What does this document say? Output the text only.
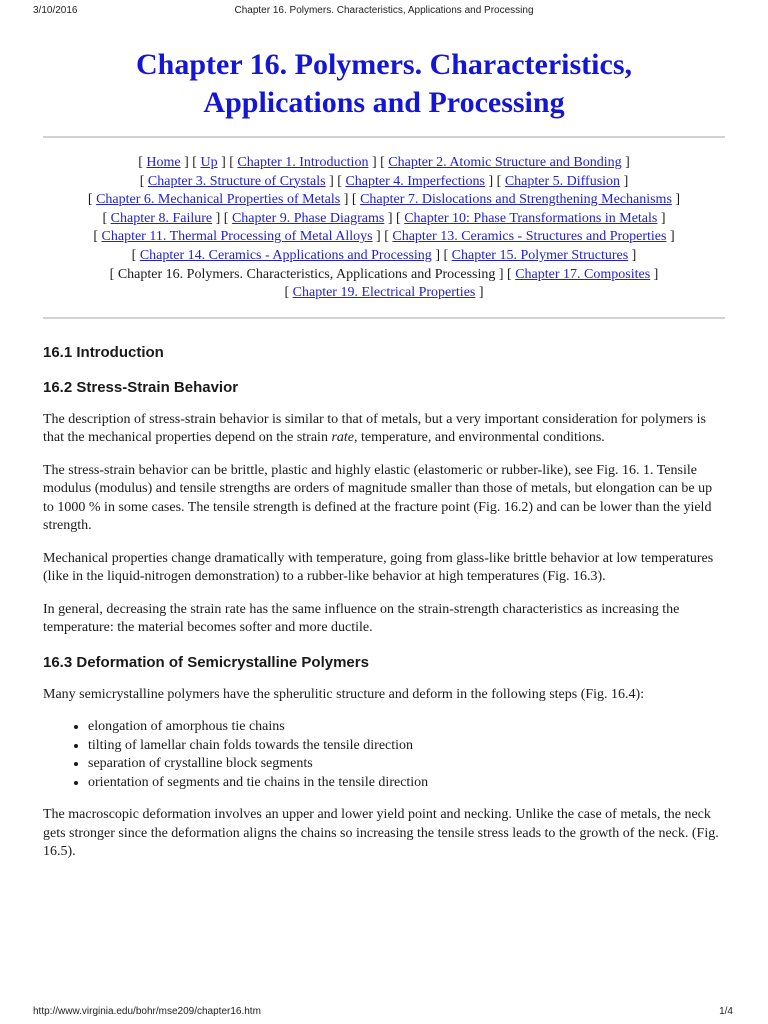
3/10/2016	Chapter 16. Polymers. Characteristics, Applications and Processing
Chapter 16. Polymers. Characteristics,
Applications and Processing
[ Home ] [ Up ] [ Chapter 1. Introduction ] [ Chapter 2. Atomic Structure and Bonding ]
[ Chapter 3. Structure of Crystals ] [ Chapter 4. Imperfections ] [ Chapter 5. Diffusion ]
[ Chapter 6. Mechanical Properties of Metals ] [ Chapter 7. Dislocations and Strengthening Mechanisms ]
[ Chapter 8. Failure ] [ Chapter 9. Phase Diagrams ] [ Chapter 10: Phase Transformations in Metals ]
[ Chapter 11. Thermal Processing of Metal Alloys ] [ Chapter 13. Ceramics - Structures and Properties ]
[ Chapter 14. Ceramics - Applications and Processing ] [ Chapter 15. Polymer Structures ]
[ Chapter 16. Polymers. Characteristics, Applications and Processing ] [ Chapter 17. Composites ]
[ Chapter 19. Electrical Properties ]
16.1 Introduction
16.2 Stress-Strain Behavior

The description of stress-strain behavior is similar to that of metals, but a very important consideration for polymers is that the mechanical properties depend on the strain rate, temperature, and environmental conditions.

The stress-strain behavior can be brittle, plastic and highly elastic (elastomeric or rubber-like), see Fig. 16. 1. Tensile modulus (modulus) and tensile strengths are orders of magnitude smaller than those of metals, but elongation can be up to 1000 % in some cases. The tensile strength is defined at the fracture point (Fig. 16.2) and can be lower than the yield strength.

Mechanical properties change dramatically with temperature, going from glass-like brittle behavior at low temperatures (like in the liquid-nitrogen demonstration) to a rubber-like behavior at high temperatures (Fig. 16.3).

In general, decreasing the strain rate has the same influence on the strain-strength characteristics as increasing the temperature: the material becomes softer and more ductile.

16.3 Deformation of Semicrystalline Polymers

Many semicrystalline polymers have the spherulitic structure and deform in the following steps (Fig. 16.4):

• elongation of amorphous tie chains
• tilting of lamellar chain folds towards the tensile direction
• separation of crystalline block segments
• orientation of segments and tie chains in the tensile direction

The macroscopic deformation involves an upper and lower yield point and necking. Unlike the case of metals, the neck gets stronger since the deformation aligns the chains so increasing the tensile stress leads to the growth of the neck. (Fig. 16.5).

http://www.virginia.edu/bohr/mse209/chapter16.htm	1/4
